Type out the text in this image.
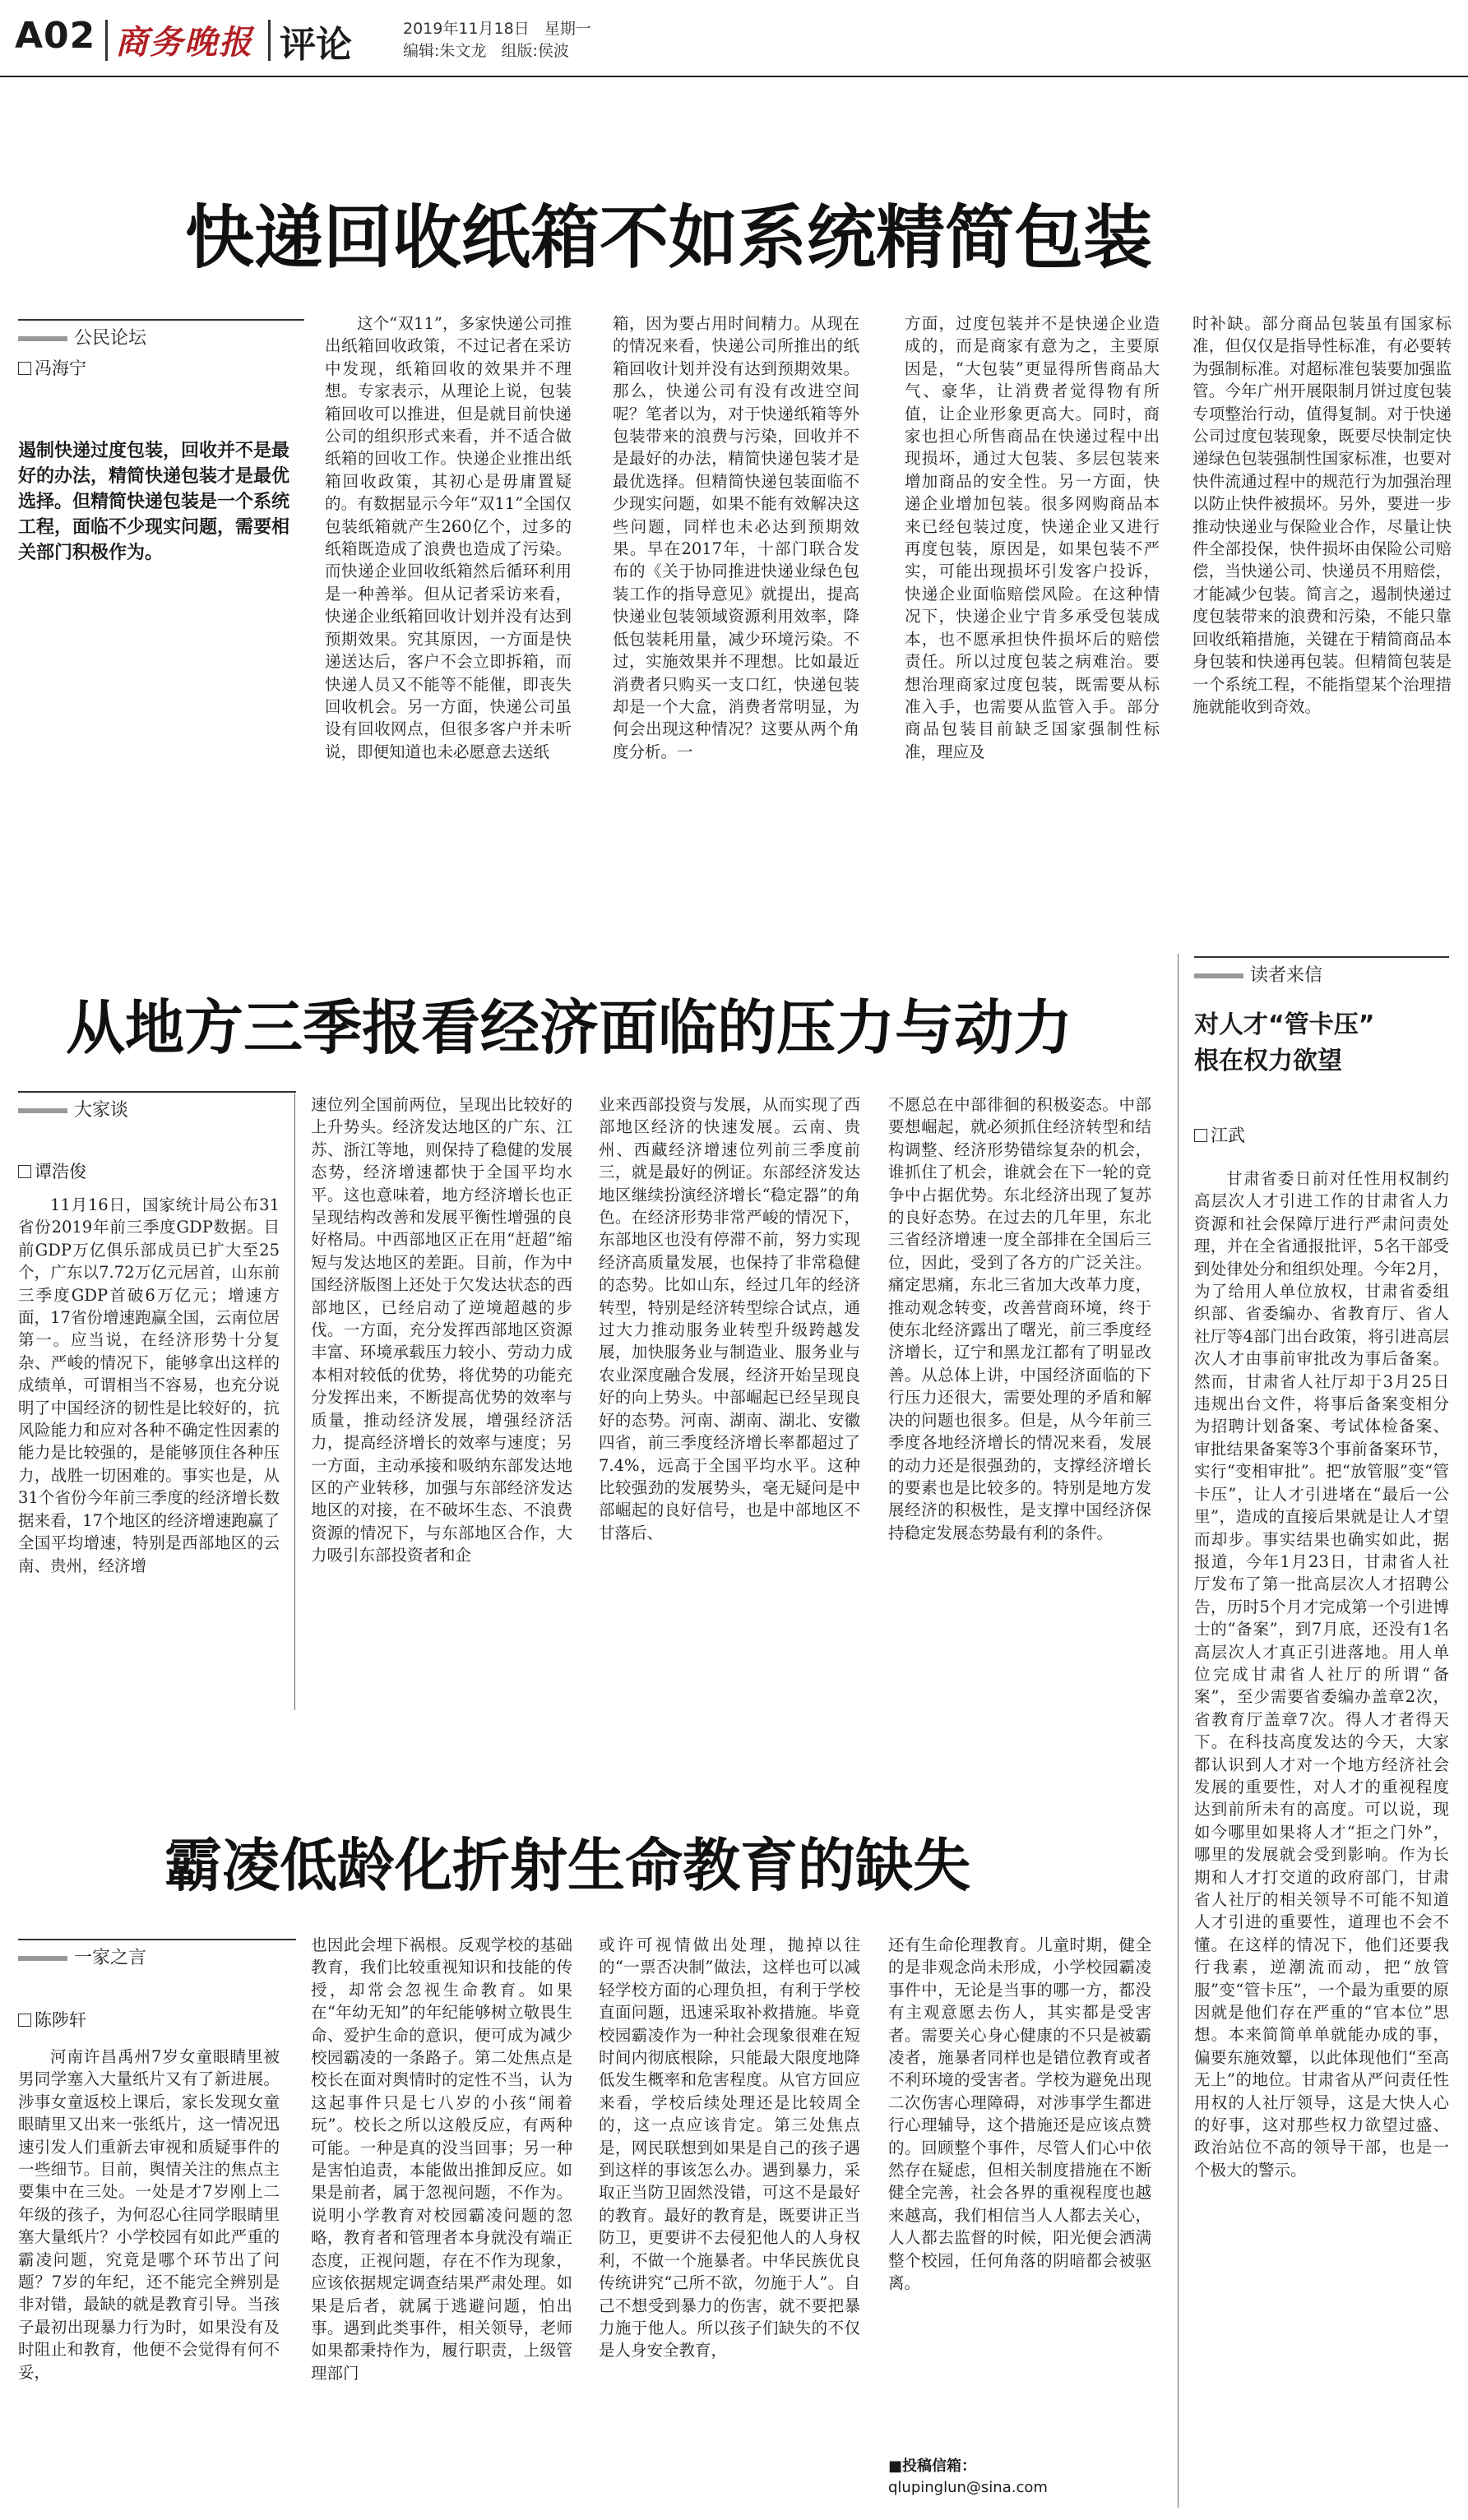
A02 商务晚报 评论	2019年11月18日 星期一
编辑:朱文龙 组版:侯波
快递回收纸箱不如系统精简包装
公民论坛
冯海宁
遏制快递过度包装，回收并不是最好的办法，精简快递包装才是最优选择。但精简快递包装是一个系统工程，面临不少现实问题，需要相关部门积极作为。

这个“双11”，多家快递公司推出纸箱回收政策，不过记者在采访中发现，纸箱回收的效果并不理想。专家表示，从理论上说，包装箱回收可以推进，但是就目前快递公司的组织形式来看，并不适合做纸箱的回收工作。快递企业推出纸箱回收政策，其初心是毋庸置疑的。有数据显示今年“双11”全国仅包装纸箱就产生260亿个，过多的纸箱既造成了浪费也造成了污染。而快递企业回收纸箱然后循环利用是一种善举。但从记者采访来看，快递企业纸箱回收计划并没有达到预期效果。究其原因，一方面是快递送达后，客户不会立即拆箱，而快递人员又不能等不能催，即丧失回收机会。另一方面，快递公司虽设有回收网点，但很多客户并未听说，即便知道也未必愿意去送纸

箱，因为要占用时间精力。从现在的情况来看，快递公司所推出的纸箱回收计划并没有达到预期效果。那么，快递公司有没有改进空间呢？笔者以为，对于快递纸箱等外包装带来的浪费与污染，回收并不是最好的办法，精简快递包装才是最优选择。但精简快递包装面临不少现实问题，如果不能有效解决这些问题，同样也未必达到预期效果。早在2017年，十部门联合发布的《关于协同推进快递业绿色包装工作的指导意见》就提出，提高快递业包装领域资源利用效率，降低包装耗用量，减少环境污染。不过，实施效果并不理想。比如最近消费者只购买一支口红，快递包装却是一个大盒，消费者常明显，为何会出现这种情况？这要从两个角度分析。一

方面，过度包装并不是快递企业造成的，而是商家有意为之，主要原因是，“大包装”更显得所售商品大气、豪华，让消费者觉得物有所值，让企业形象更高大。同时，商家也担心所售商品在快递过程中出现损坏，通过大包装、多层包装来增加商品的安全性。另一方面，快递企业增加包装。很多网购商品本来已经包装过度，快递企业又进行再度包装，原因是，如果包装不严实，可能出现损坏引发客户投诉，快递企业面临赔偿风险。在这种情况下，快递企业宁肯多承受包装成本，也不愿承担快件损坏后的赔偿责任。所以过度包装之病难治。要想治理商家过度包装，既需要从标准入手，也需要从监管入手。部分商品包装目前缺乏国家强制性标准，理应及

时补缺。部分商品包装虽有国家标准，但仅仅是指导性标准，有必要转为强制标准。对超标准包装要加强监管。今年广州开展限制月饼过度包装专项整治行动，值得复制。对于快递公司过度包装现象，既要尽快制定快递绿色包装强制性国家标准，也要对快件流通过程中的规范行为加强治理以防止快件被损坏。另外，要进一步推动快递业与保险业合作，尽量让快件全部投保，快件损坏由保险公司赔偿，当快递公司、快递员不用赔偿，才能减少包装。简言之，遏制快递过度包装带来的浪费和污染，不能只靠回收纸箱措施，关键在于精简商品本身包装和快递再包装。但精简包装是一个系统工程，不能指望某个治理措施就能收到奇效。

从地方三季报看经济面临的压力与动力
大家谈
谭浩俊

11月16日，国家统计局公布31省份2019年前三季度GDP数据。目前GDP万亿俱乐部成员已扩大至25个，广东以7.72万亿元居首，山东前三季度GDP首破6万亿元；增速方面，17省份增速跑赢全国，云南位居第一。应当说，在经济形势十分复杂、严峻的情况下，能够拿出这样的成绩单，可谓相当不容易，也充分说明了中国经济的韧性是比较好的，抗风险能力和应对各种不确定性因素的能力是比较强的，是能够顶住各种压力，战胜一切困难的。事实也是，从31个省份今年前三季度的经济增长数据来看，17个地区的经济增速跑赢了全国平均增速，特别是西部地区的云南、贵州，经济增

速位列全国前两位，呈现出比较好的上升势头。经济发达地区的广东、江苏、浙江等地，则保持了稳健的发展态势，经济增速都快于全国平均水平。这也意味着，地方经济增长也正呈现结构改善和发展平衡性增强的良好格局。中西部地区正在用“赶超”缩短与发达地区的差距。目前，作为中国经济版图上还处于欠发达状态的西部地区，已经启动了逆境超越的步伐。一方面，充分发挥西部地区资源丰富、环境承载压力较小、劳动力成本相对较低的优势，将优势的功能充分发挥出来，不断提高优势的效率与质量，推动经济发展，增强经济活力，提高经济增长的效率与速度；另一方面，主动承接和吸纳东部发达地区的产业转移，加强与东部经济发达地区的对接，在不破坏生态、不浪费资源的情况下，与东部地区合作，大力吸引东部投资者和企

业来西部投资与发展，从而实现了西部地区经济的快速发展。云南、贵州、西藏经济增速位列前三季度前三，就是最好的例证。东部经济发达地区继续扮演经济增长“稳定器”的角色。在经济形势非常严峻的情况下，东部地区也没有停滞不前，努力实现经济高质量发展，也保持了非常稳健的态势。比如山东，经过几年的经济转型，特别是经济转型综合试点，通过大力推动服务业转型升级跨越发展，加快服务业与制造业、服务业与农业深度融合发展，经济开始呈现良好的向上势头。中部崛起已经呈现良好的态势。河南、湖南、湖北、安徽四省，前三季度经济增长率都超过了7.4%，远高于全国平均水平。这种比较强劲的发展势头，毫无疑问是中部崛起的良好信号，也是中部地区不甘落后、

不愿总在中部徘徊的积极姿态。中部要想崛起，就必须抓住经济转型和结构调整、经济形势错综复杂的机会，谁抓住了机会，谁就会在下一轮的竞争中占据优势。东北经济出现了复苏的良好态势。在过去的几年里，东北三省经济增速一度全部排在全国后三位，因此，受到了各方的广泛关注。痛定思痛，东北三省加大改革力度，推动观念转变，改善营商环境，终于使东北经济露出了曙光，前三季度经济增长，辽宁和黑龙江都有了明显改善。从总体上讲，中国经济面临的下行压力还很大，需要处理的矛盾和解决的问题也很多。但是，从今年前三季度各地经济增长的情况来看，发展的动力还是很强劲的，支撑经济增长的要素也是比较多的。特别是地方发展经济的积极性，是支撑中国经济保持稳定发展态势最有利的条件。

霸凌低龄化折射生命教育的缺失
一家之言
陈陟轩

河南许昌禹州7岁女童眼睛里被男同学塞入大量纸片又有了新进展。涉事女童返校上课后，家长发现女童眼睛里又出来一张纸片，这一情况迅速引发人们重新去审视和质疑事件的一些细节。目前，舆情关注的焦点主要集中在三处。一处是才7岁刚上二年级的孩子，为何忍心往同学眼睛里塞大量纸片？小学校园有如此严重的霸凌问题，究竟是哪个环节出了问题？7岁的年纪，还不能完全辨别是非对错，最缺的就是教育引导。当孩子最初出现暴力行为时，如果没有及时阻止和教育，他便不会觉得有何不妥，

也因此会埋下祸根。反观学校的基础教育，我们比较重视知识和技能的传授，却常会忽视生命教育。如果在“年幼无知”的年纪能够树立敬畏生命、爱护生命的意识，便可成为减少校园霸凌的一条路子。第二处焦点是校长在面对舆情时的定性不当，认为这起事件只是七八岁的小孩“闹着玩”。校长之所以这般反应，有两种可能。一种是真的没当回事；另一种是害怕追责，本能做出推卸反应。如果是前者，属于忽视问题，不作为。说明小学教育对校园霸凌问题的忽略，教育者和管理者本身就没有端正态度，正视问题，存在不作为现象，应该依据规定调查结果严肃处理。如果是后者，就属于逃避问题，怕出事。遇到此类事件，相关领导，老师如果都秉持作为，履行职责，上级管理部门

或许可视情做出处理，抛掉以往的“一票否决制”做法，这样也可以减轻学校方面的心理负担，有利于学校直面问题，迅速采取补救措施。毕竟校园霸凌作为一种社会现象很难在短时间内彻底根除，只能最大限度地降低发生概率和危害程度。从官方回应来看，学校后续处理还是比较周全的，这一点应该肯定。第三处焦点是，网民联想到如果是自己的孩子遇到这样的事该怎么办。遇到暴力，采取正当防卫固然没错，可这不是最好的教育。最好的教育是，既要讲正当防卫，更要讲不去侵犯他人的人身权利，不做一个施暴者。中华民族优良传统讲究“己所不欲，勿施于人”。自己不想受到暴力的伤害，就不要把暴力施于他人。所以孩子们缺失的不仅是人身安全教育，

还有生命伦理教育。儿童时期，健全的是非观念尚未形成，小学校园霸凌事件中，无论是当事的哪一方，都没有主观意愿去伤人，其实都是受害者。需要关心身心健康的不只是被霸凌者，施暴者同样也是错位教育或者不利环境的受害者。学校为避免出现二次伤害心理障碍，对涉事学生都进行心理辅导，这个措施还是应该点赞的。回顾整个事件，尽管人们心中依然存在疑虑，但相关制度措施在不断健全完善，社会各界的重视程度也越来越高，我们相信当人人都去关心，人人都去监督的时候，阳光便会洒满整个校园，任何角落的阴暗都会被驱离。

■投稿信箱：
qlupinglun@sina.com
读者来信
对人才“管卡压”
根在权力欲望
江武

甘肃省委日前对任性用权制约高层次人才引进工作的甘肃省人力资源和社会保障厅进行严肃问责处理，并在全省通报批评，5名干部受到处律处分和组织处理。今年2月，为了给用人单位放权，甘肃省委组织部、省委编办、省教育厅、省人社厅等4部门出台政策，将引进高层次人才由事前审批改为事后备案。然而，甘肃省人社厅却于3月25日违规出台文件，将事后备案变相分为招聘计划备案、考试体检备案、审批结果备案等3个事前备案环节，实行“变相审批”。把“放管服”变“管卡压”，让人才引进堵在“最后一公里”，造成的直接后果就是让人才望而却步。事实结果也确实如此，据报道，今年1月23日，甘肃省人社厅发布了第一批高层次人才招聘公告，历时5个月才完成第一个引进博士的“备案”，到7月底，还没有1名高层次人才真正引进落地。用人单位完成甘肃省人社厅的所谓“备案”，至少需要省委编办盖章2次，省教育厅盖章7次。得人才者得天下。在科技高度发达的今天，大家都认识到人才对一个地方经济社会发展的重要性，对人才的重视程度达到前所未有的高度。可以说，现如今哪里如果将人才“拒之门外”，哪里的发展就会受到影响。作为长期和人才打交道的政府部门，甘肃省人社厅的相关领导不可能不知道人才引进的重要性，道理也不会不懂。在这样的情况下，他们还要我行我素，逆潮流而动，把“放管服”变“管卡压”，一个最为重要的原因就是他们存在严重的“官本位”思想。本来简简单单就能办成的事，偏要东施效颦，以此体现他们“至高无上”的地位。甘肃省从严问责任性用权的人社厅领导，这是大快人心的好事，这对那些权力欲望过盛、政治站位不高的领导干部，也是一个极大的警示。
